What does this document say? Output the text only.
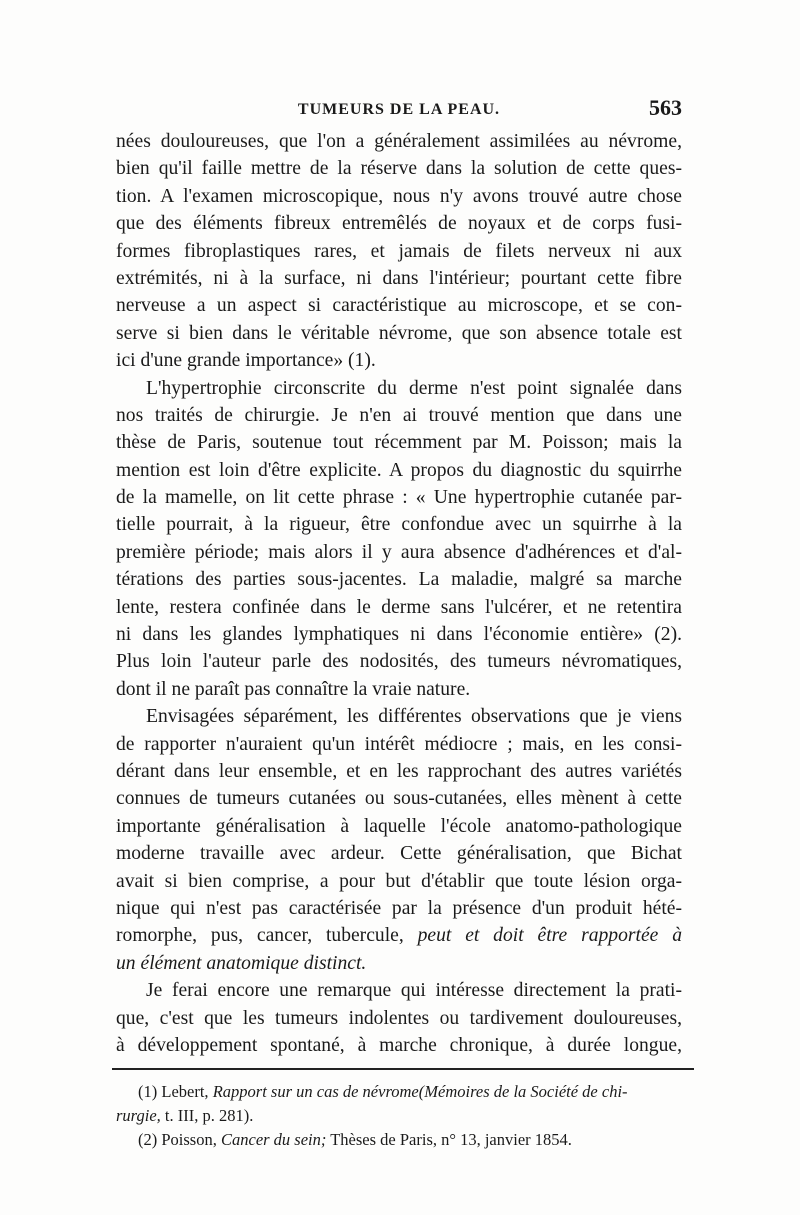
TUMEURS DE LA PEAU.	563
nées douloureuses, que l'on a généralement assimilées au névrome,
bien qu'il faille mettre de la réserve dans la solution de cette ques-
tion. A l'examen microscopique, nous n'y avons trouvé autre chose
que des éléments fibreux entremêlés de noyaux et de corps fusi-
formes fibroplastiques rares, et jamais de filets nerveux ni aux
extrémités, ni à la surface, ni dans l'intérieur; pourtant cette fibre
nerveuse a un aspect si caractéristique au microscope, et se con-
serve si bien dans le véritable névrome, que son absence totale est
ici d'une grande importance» (1).
L'hypertrophie circonscrite du derme n'est point signalée dans
nos traités de chirurgie. Je n'en ai trouvé mention que dans une
thèse de Paris, soutenue tout récemment par M. Poisson; mais la
mention est loin d'être explicite. A propos du diagnostic du squirrhe
de la mamelle, on lit cette phrase : « Une hypertrophie cutanée par-
tielle pourrait, à la rigueur, être confondue avec un squirrhe à la
première période; mais alors il y aura absence d'adhérences et d'al-
térations des parties sous-jacentes. La maladie, malgré sa marche
lente, restera confinée dans le derme sans l'ulcérer, et ne retentira
ni dans les glandes lymphatiques ni dans l'économie entière» (2).
Plus loin l'auteur parle des nodosités, des tumeurs névromatiques,
dont il ne paraît pas connaître la vraie nature.
Envisagées séparément, les différentes observations que je viens
de rapporter n'auraient qu'un intérêt médiocre ; mais, en les consi-
dérant dans leur ensemble, et en les rapprochant des autres variétés
connues de tumeurs cutanées ou sous-cutanées, elles mènent à cette
importante généralisation à laquelle l'école anatomo-pathologique
moderne travaille avec ardeur. Cette généralisation, que Bichat
avait si bien comprise, a pour but d'établir que toute lésion orga-
nique qui n'est pas caractérisée par la présence d'un produit hété-
romorphe, pus, cancer, tubercule, peut et doit être rapportée à
un élément anatomique distinct.
Je ferai encore une remarque qui intéresse directement la prati-
que, c'est que les tumeurs indolentes ou tardivement douloureuses,
à développement spontané, à marche chronique, à durée longue,
(1) Lebert, Rapport sur un cas de névrome(Mémoires de la Société de chi-
rurgie, t. III, p. 281).
(2) Poisson, Cancer du sein; Thèses de Paris, n° 13, janvier 1854.
